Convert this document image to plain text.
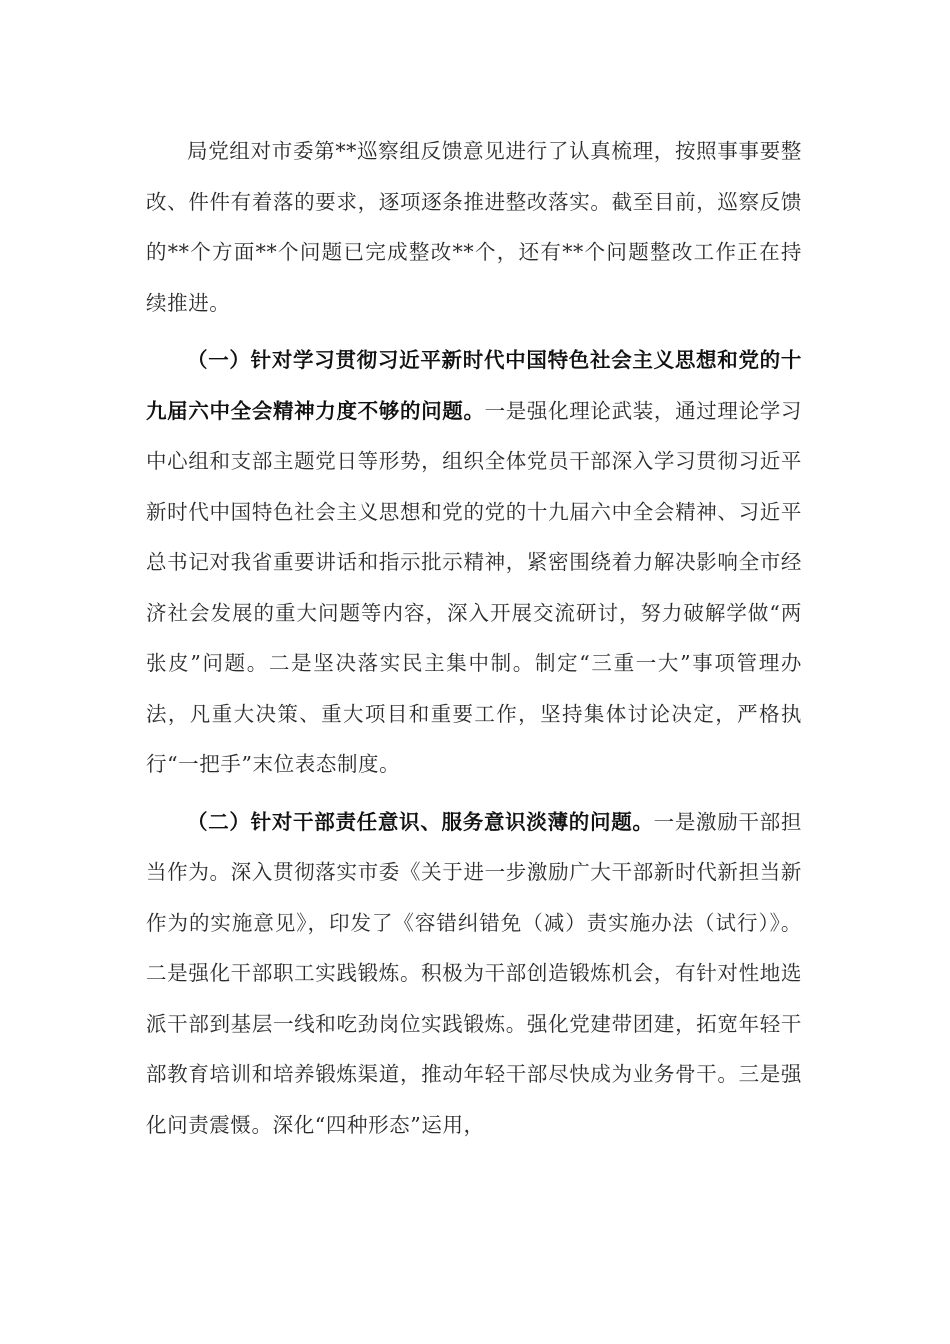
局党组对市委第**巡察组反馈意见进行了认真梳理，按照事事要整改、件件有着落的要求，逐项逐条推进整改落实。截至目前，巡察反馈的**个方面**个问题已完成整改**个，还有**个问题整改工作正在持续推进。

（一）针对学习贯彻习近平新时代中国特色社会主义思想和党的十九届六中全会精神力度不够的问题。一是强化理论武装，通过理论学习中心组和支部主题党日等形势，组织全体党员干部深入学习贯彻习近平新时代中国特色社会主义思想和党的党的十九届六中全会精神、习近平总书记对我省重要讲话和指示批示精神，紧密围绕着力解决影响全市经济社会发展的重大问题等内容，深入开展交流研讨，努力破解学做“两张皮”问题。二是坚决落实民主集中制。制定“三重一大”事项管理办法，凡重大决策、重大项目和重要工作，坚持集体讨论决定，严格执行“一把手”末位表态制度。

（二）针对干部责任意识、服务意识淡薄的问题。一是激励干部担当作为。深入贯彻落实市委《关于进一步激励广大干部新时代新担当新作为的实施意见》，印发了《容错纠错免（减）责实施办法（试行）》。二是强化干部职工实践锻炼。积极为干部创造锻炼机会，有针对性地选派干部到基层一线和吃劲岗位实践锻炼。强化党建带团建，拓宽年轻干部教育培训和培养锻炼渠道，推动年轻干部尽快成为业务骨干。三是强化问责震慑。深化“四种形态”运用，
